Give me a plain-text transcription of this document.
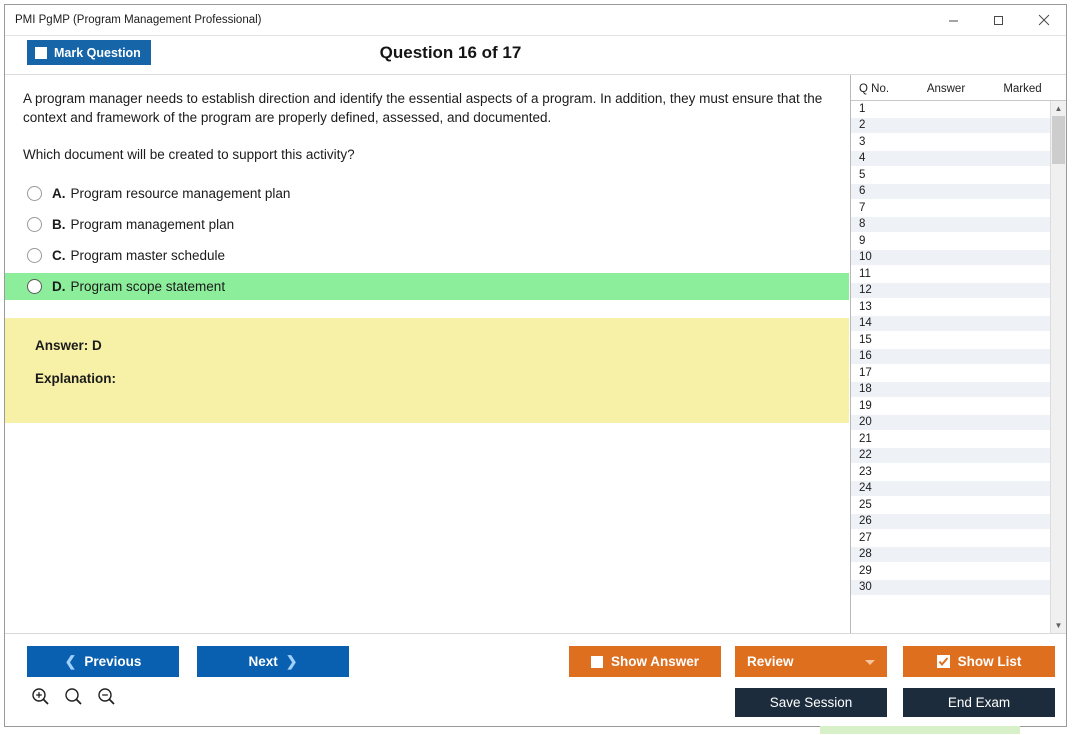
PMI PgMP (Program Management Professional)
Mark Question	Question 16 of 17
A program manager needs to establish direction and identify the essential aspects of a program. In addition, they must ensure that the context and framework of the program are properly defined, assessed, and documented.
Which document will be created to support this activity?
A. Program resource management plan
B. Program management plan
C. Program master schedule
D. Program scope statement
Answer: D
Explanation:
Q No.	Answer	Marked
1
2
3
4
5
6
7
8
9
10
11
12
13
14
15
16
17
18
19
20
21
22
23
24
25
26
27
28
29
30
▲
▼
❮ Previous	Next ❯	Show Answer	Review	Show List
Save Session	End Exam
